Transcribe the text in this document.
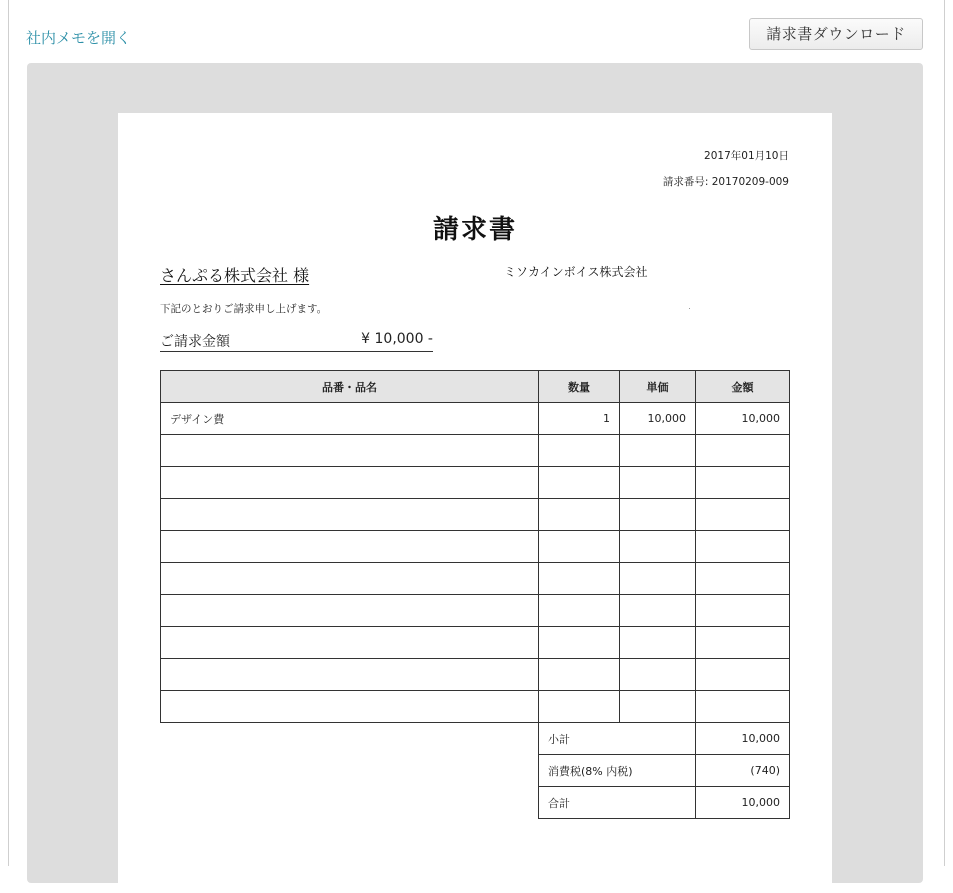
社内メモを開く	請求書ダウンロード
2017年01月10日
請求番号: 20170209-009
請求書
さんぷる株式会社 様	ミソカインボイス株式会社
下記のとおりご請求申し上げます。
ご請求金額	¥ 10,000 -
品番・品名	数量	単価	金額
デザイン費	1	10,000	10,000

小計	10,000
消費税(8% 内税)	(740)
合計	10,000
